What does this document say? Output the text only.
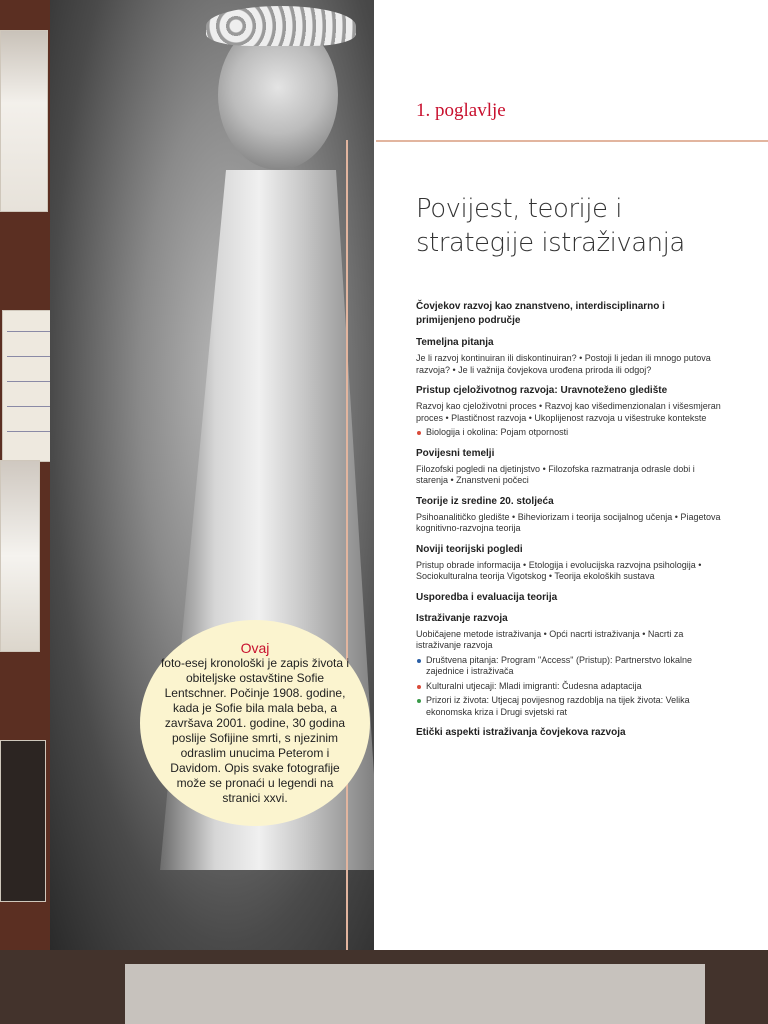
1. poglavlje
Povijest, teorije i strategije istraživanja
Čovjekov razvoj kao znanstveno, interdisciplinarno i primijenjeno područje
Temeljna pitanja
Je li razvoj kontinuiran ili diskontinuiran? • Postoji li jedan ili mnogo putova razvoja? • Je li važnija čovjekova urođena priroda ili odgoj?
Pristup cjeloživotnog razvoja: Uravnoteženo gledište
Razvoj kao cjeloživotni proces • Razvoj kao višedimenzionalan i višesmjeran proces • Plastičnost razvoja • Ukoplijenost razvoja u višestruke kontekste
Biologija i okolina: Pojam otpornosti
Povijesni temelji
Filozofski pogledi na djetinjstvo • Filozofska razmatranja odrasle dobi i starenja • Znanstveni počeci
Teorije iz sredine 20. stoljeća
Psihoanalitičko gledište • Biheviorizam i teorija socijalnog učenja • Piagetova kognitivno-razvojna teorija
Noviji teorijski pogledi
Pristup obrade informacija • Etologija i evolucijska razvojna psihologija • Sociokulturalna teorija Vigotskog • Teorija ekoloških sustava
Usporedba i evaluacija teorija
Istraživanje razvoja
Uobičajene metode istraživanja • Opći nacrti istraživanja • Nacrti za istraživanje razvoja
Društvena pitanja: Program "Access" (Pristup): Partnerstvo lokalne zajednice i istraživača
Kulturalni utjecaji: Mladi imigranti: Čudesna adaptacija
Prizori iz života: Utjecaj povijesnog razdoblja na tijek života: Velika ekonomska kriza i Drugi svjetski rat
Etički aspekti istraživanja čovjekova razvoja
Ovaj
foto-esej kronološki je zapis života i obiteljske ostavštine Sofie Lentschner. Počinje 1908. godine, kada je Sofie bila mala beba, a završava 2001. godine, 30 godina poslije Sofijine smrti, s njezinim odraslim unucima Peterom i Davidom. Opis svake fotografije može se pronaći u legendi na stranici xxvi.
